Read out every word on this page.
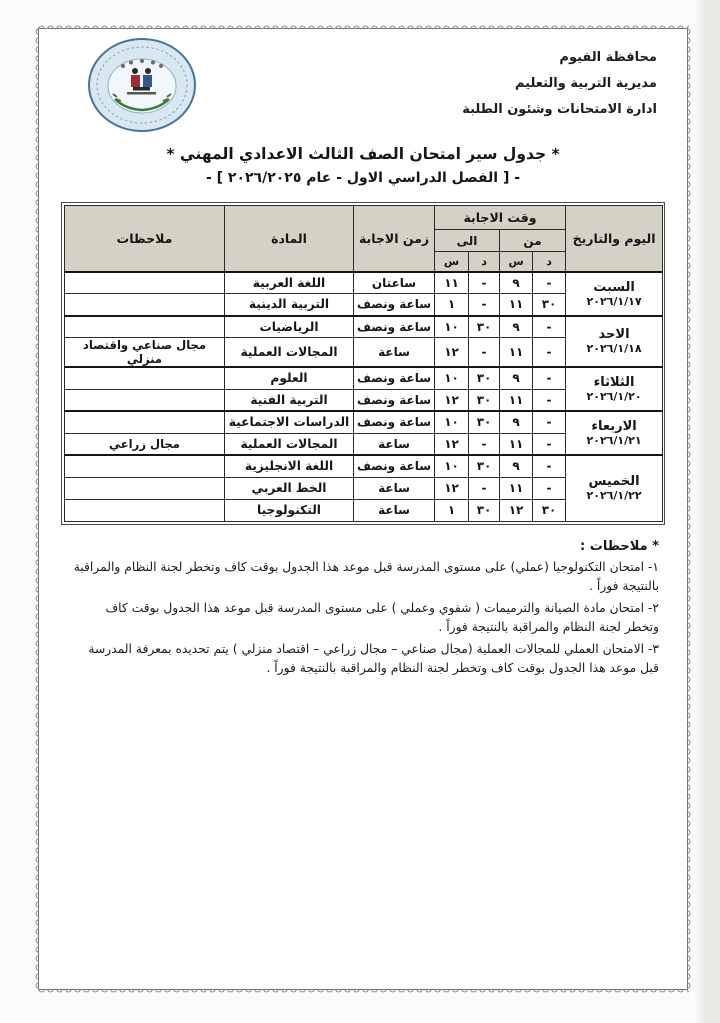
محافظة الفيوم
مديرية التربية والتعليم
ادارة الامتحانات وشئون الطلبة
* جدول سير امتحان الصف الثالث الاعدادي المهني *
- [ الفصل الدراسي الاول - عام ٢٠٢٦/٢٠٢٥ ] -
اليوم والتاريخ	وقت الاجابة				زمن الاجابة	المادة	ملاحظات
	من		الى				
	د	س	د	س			

السبت
٢٠٢٦/١/١٧	-	٩	-	١١	ساعتان	اللغة العربية	
	٣٠	١١	-	١	ساعة ونصف	التربية الدينية	

الاحد
٢٠٢٦/١/١٨	-	٩	٣٠	١٠	ساعة ونصف	الرياضيات	
	-	١١	-	١٢	ساعة	المجالات العملية	مجال صناعي واقتصاد منزلي

الثلاثاء
٢٠٢٦/١/٢٠	-	٩	٣٠	١٠	ساعة ونصف	العلوم	
	-	١١	٣٠	١٢	ساعة ونصف	التربية الفنية	

الاربعاء
٢٠٢٦/١/٢١	-	٩	٣٠	١٠	ساعة ونصف	الدراسات الاجتماعية	
	-	١١	-	١٢	ساعة	المجالات العملية	مجال زراعي

الخميس
٢٠٢٦/١/٢٢	-	٩	٣٠	١٠	ساعة ونصف	اللغة الانجليزية	
	-	١١	-	١٢	ساعة	الخط العربي	
	٣٠	١٢	٣٠	١	ساعة	التكنولوجيا	
* ملاحظات :
١- امتحان التكنولوجيا (عملي) على مستوى المدرسة قبل موعد هذا الجدول بوقت كاف وتخطر لجنة النظام والمراقبة بالنتيجة فوراً .
٢- امتحان مادة الصيانة والترميمات ( شفوي وعملي ) على مستوى المدرسة قبل موعد هذا الجدول بوقت كاف وتخطر لجنة النظام والمراقبة بالنتيجة فوراً .
٣- الامتحان العملي للمجالات العملية (مجال صناعي – مجال زراعي – اقتصاد منزلي ) يتم تحديده بمعرفة المدرسة قبل موعد هذا الجدول بوقت كاف وتخطر لجنة النظام والمراقبة بالنتيجة فوراً .
